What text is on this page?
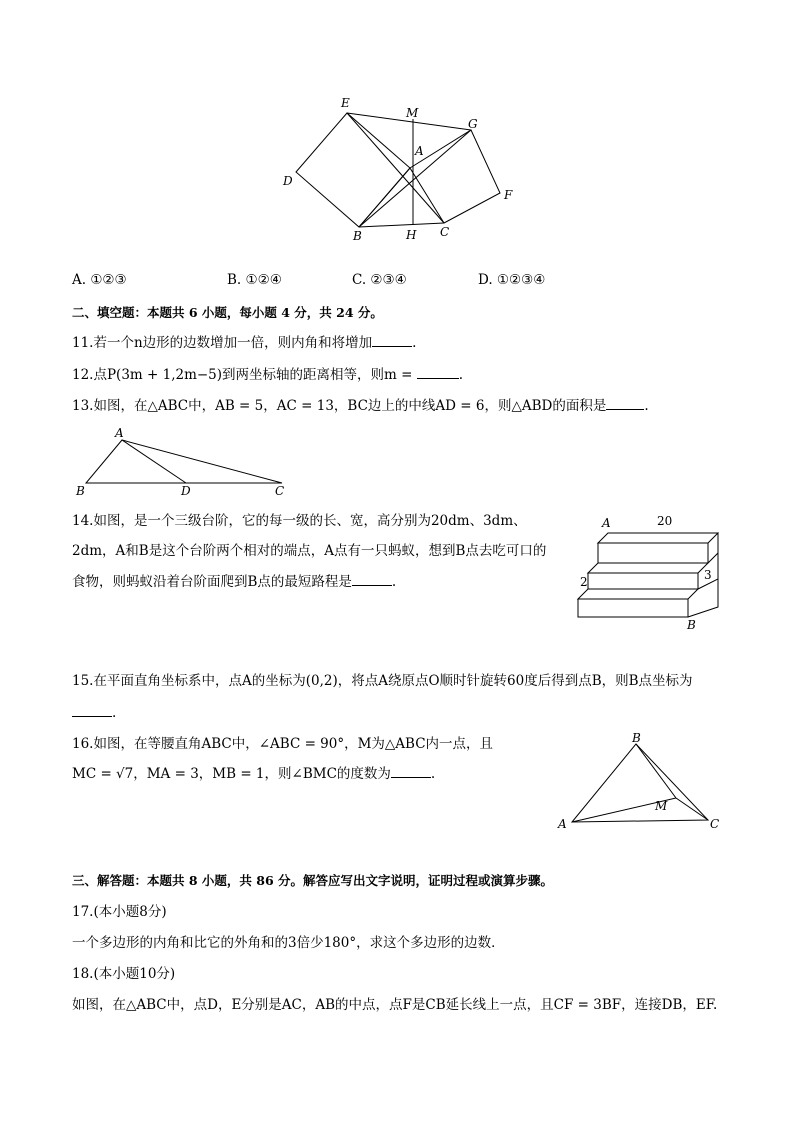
E
M
G
A
D
F
B	H C
A. ①②③	B. ①②④	C. ②③④	D. ①②③④
二、填空题：本题共 6 小题，每小题 4 分，共 24 分。
11.若一个n边形的边数增加一倍，则内角和将增加	.
12.点P(3m + 1,2m−5)到两坐标轴的距离相等，则m =	.
13.如图，在△ABC中，AB = 5，AC = 13，BC边上的中线AD = 6，则△ABD的面积是	.
A
B	D	C
14.如图，是一个三级台阶，它的每一级的长、宽，高分别为20dm、3dm、
2dm，A和B是这个台阶两个相对的端点，A点有一只蚂蚁，想到B点去吃可口的
食物，则蚂蚁沿着台阶面爬到B点的最短路程是	.
A	20
3
2
B
15.在平面直角坐标系中，点A的坐标为(0,2)，将点A绕原点O顺时针旋转60度后得到点B，则B点坐标为
.
16.如图，在等腰直角ABC中，∠ABC = 90°，M为△ABC内一点，且
MC = √7，MA = 3，MB = 1，则∠BMC的度数为	.
B
M
A	C
三、解答题：本题共 8 小题，共 86 分。解答应写出文字说明，证明过程或演算步骤。
17.(本小题8分)
一个多边形的内角和比它的外角和的3倍少180°，求这个多边形的边数．
18.(本小题10分)
如图，在△ABC中，点D，E分别是AC，AB的中点，点F是CB延长线上一点，且CF = 3BF，连接DB，EF.
